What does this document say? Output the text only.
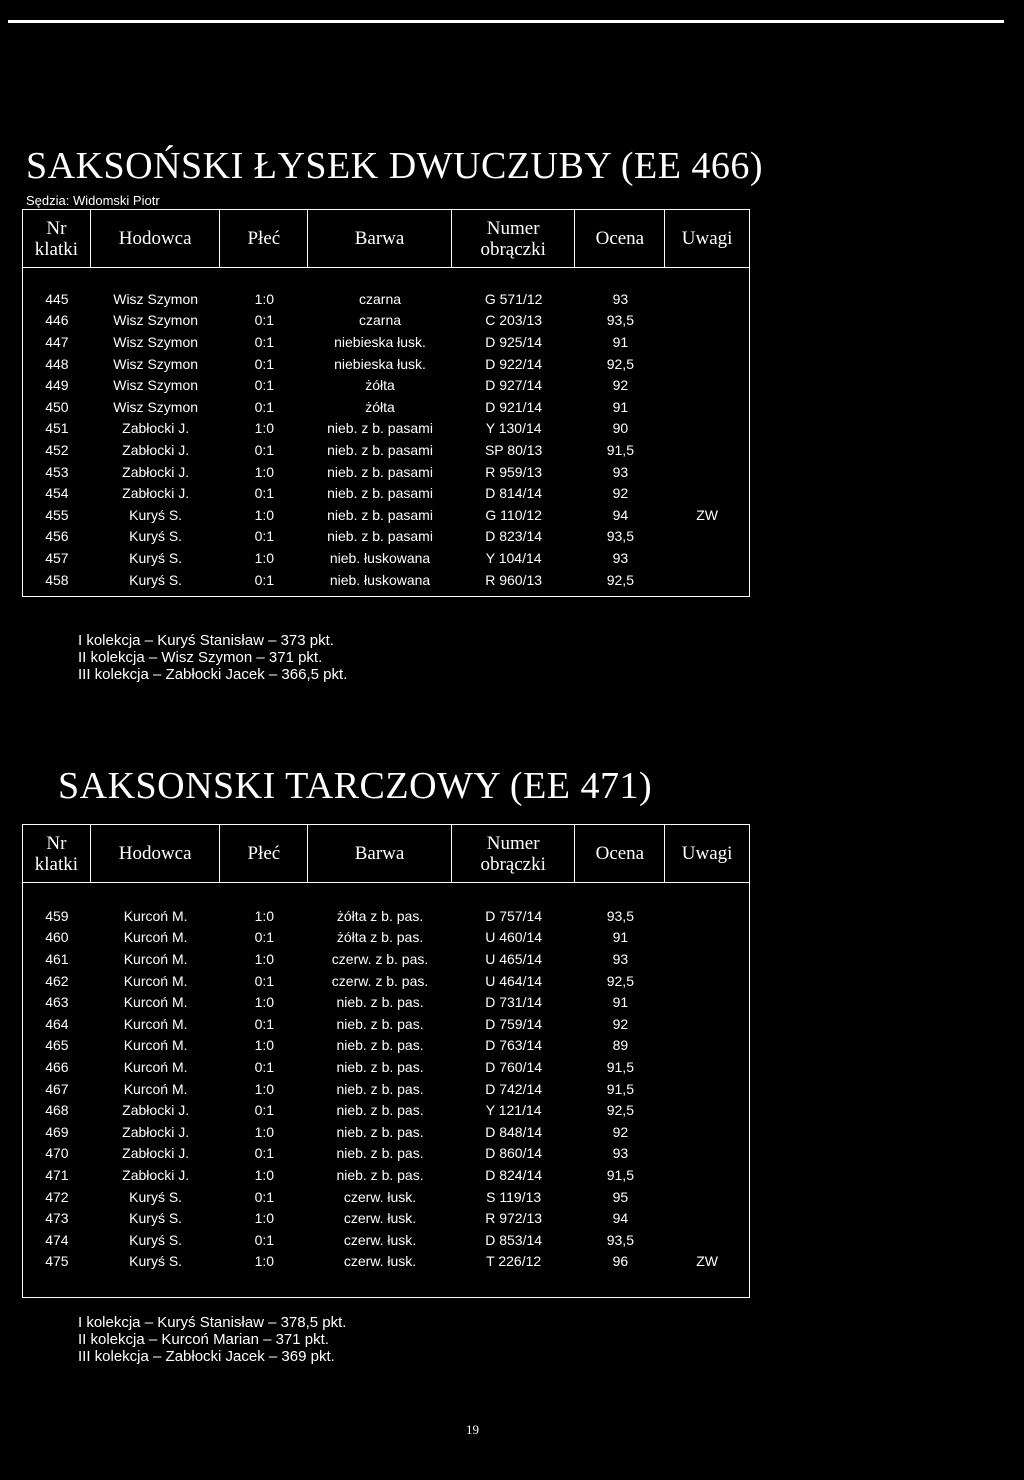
SAKSOŃSKI ŁYSEK DWUCZUBY (EE 466)
Sędzia: Widomski Piotr
Nr klatki	Hodowca	Płeć	Barwa	Numer obrączki	Ocena	Uwagi
445	Wisz Szymon	1:0	czarna	G 571/12	93
446	Wisz Szymon	0:1	czarna	C 203/13	93,5
447	Wisz Szymon	0:1	niebieska łusk.	D 925/14	91
448	Wisz Szymon	0:1	niebieska łusk.	D 922/14	92,5
449	Wisz Szymon	0:1	żółta	D 927/14	92
450	Wisz Szymon	0:1	żółta	D 921/14	91
451	Zabłocki J.	1:0	nieb. z b. pasami	Y 130/14	90
452	Zabłocki J.	0:1	nieb. z b. pasami	SP 80/13	91,5
453	Zabłocki J.	1:0	nieb. z b. pasami	R 959/13	93
454	Zabłocki J.	0:1	nieb. z b. pasami	D 814/14	92
455	Kuryś S.	1:0	nieb. z b. pasami	G 110/12	94	ZW
456	Kuryś S.	0:1	nieb. z b. pasami	D 823/14	93,5
457	Kuryś S.	1:0	nieb. łuskowana	Y 104/14	93
458	Kuryś S.	0:1	nieb. łuskowana	R 960/13	92,5
I kolekcja – Kuryś Stanisław – 373 pkt.
II kolekcja – Wisz Szymon – 371 pkt.
III kolekcja – Zabłocki Jacek – 366,5 pkt.
SAKSONSKI TARCZOWY (EE 471)
Nr klatki	Hodowca	Płeć	Barwa	Numer obrączki	Ocena	Uwagi
459	Kurcoń M.	1:0	żółta z b. pas.	D 757/14	93,5
460	Kurcoń M.	0:1	żółta z b. pas.	U 460/14	91
461	Kurcoń M.	1:0	czerw. z b. pas.	U 465/14	93
462	Kurcoń M.	0:1	czerw. z b. pas.	U 464/14	92,5
463	Kurcoń M.	1:0	nieb. z b. pas.	D 731/14	91
464	Kurcoń M.	0:1	nieb. z b. pas.	D 759/14	92
465	Kurcoń M.	1:0	nieb. z b. pas.	D 763/14	89
466	Kurcoń M.	0:1	nieb. z b. pas.	D 760/14	91,5
467	Kurcoń M.	1:0	nieb. z b. pas.	D 742/14	91,5
468	Zabłocki J.	0:1	nieb. z b. pas.	Y 121/14	92,5
469	Zabłocki J.	1:0	nieb. z b. pas.	D 848/14	92
470	Zabłocki J.	0:1	nieb. z b. pas.	D 860/14	93
471	Zabłocki J.	1:0	nieb. z b. pas.	D 824/14	91,5
472	Kuryś S.	0:1	czerw. łusk.	S 119/13	95
473	Kuryś S.	1:0	czerw. łusk.	R 972/13	94
474	Kuryś S.	0:1	czerw. łusk.	D 853/14	93,5
475	Kuryś S.	1:0	czerw. łusk.	T 226/12	96	ZW
I kolekcja – Kuryś Stanisław – 378,5 pkt.
II kolekcja – Kurcoń Marian – 371 pkt.
III kolekcja – Zabłocki Jacek – 369 pkt.
19
